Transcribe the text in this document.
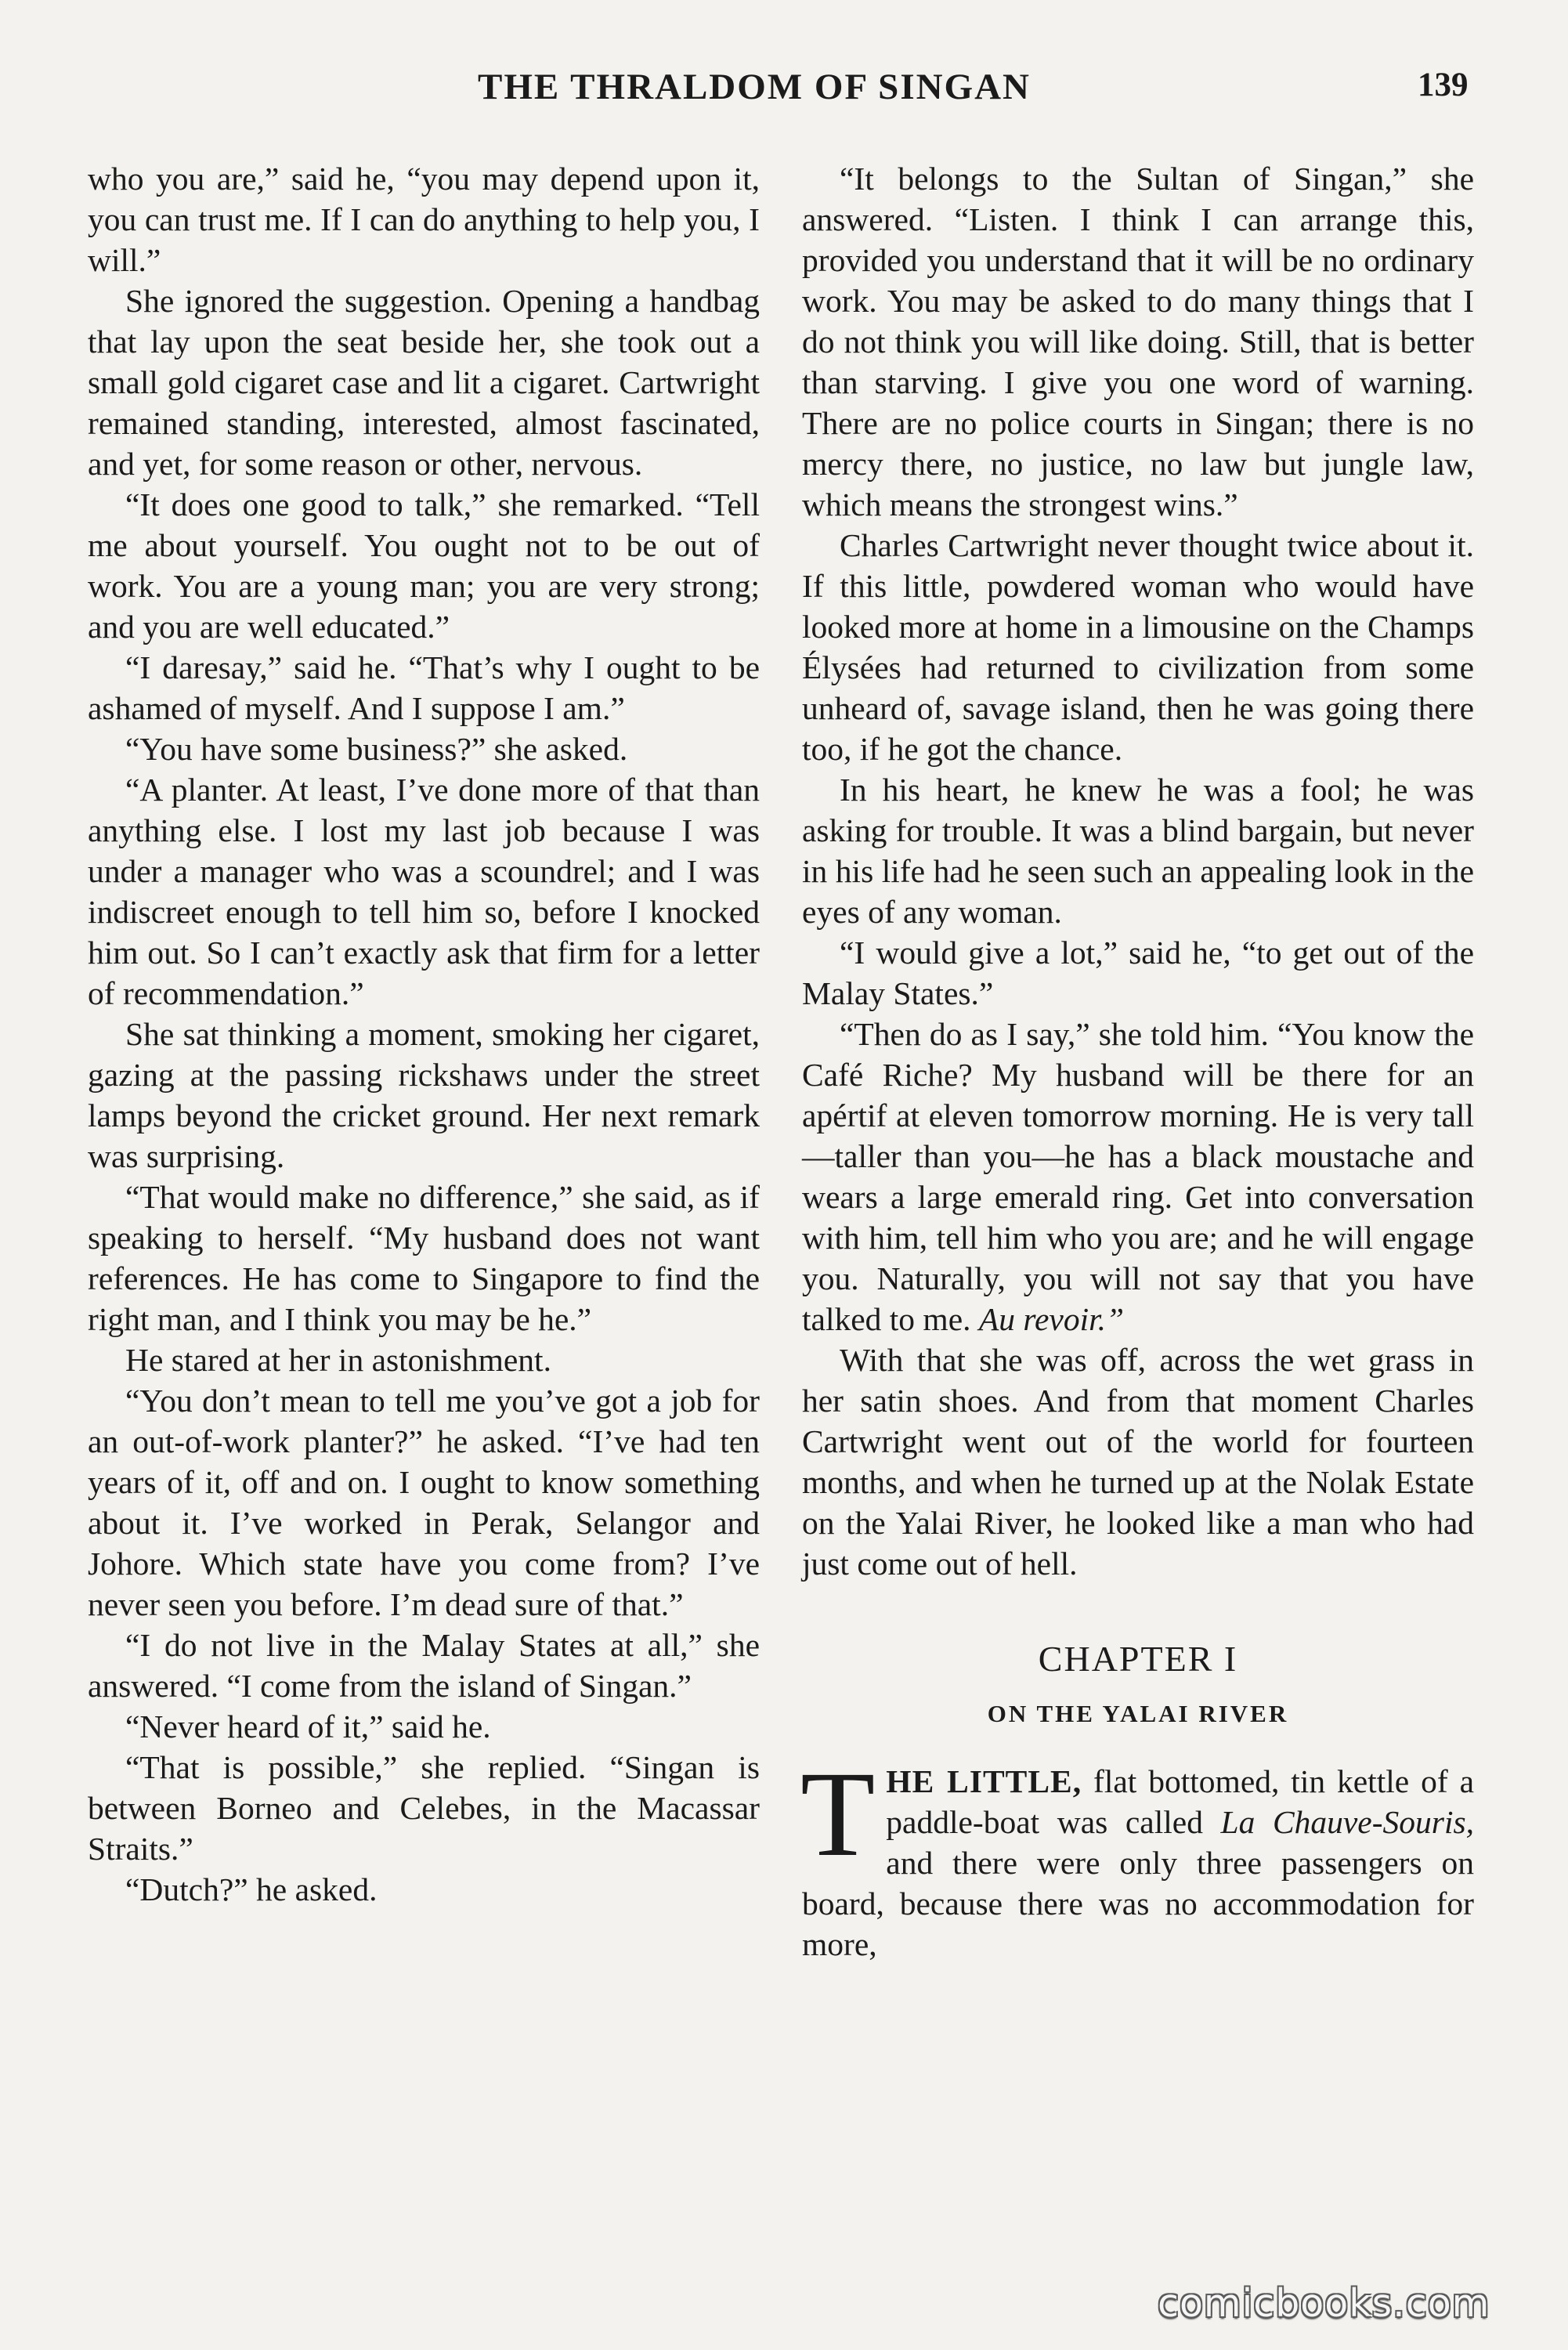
THE THRALDOM OF SINGAN	139

who you are,” said he, “you may depend upon it, you can trust me. If I can do anything to help you, I will.”

She ignored the suggestion. Opening a handbag that lay upon the seat beside her, she took out a small gold cigaret case and lit a cigaret. Cartwright remained standing, interested, almost fascinated, and yet, for some reason or other, nervous.

“It does one good to talk,” she remarked. “Tell me about yourself. You ought not to be out of work. You are a young man; you are very strong; and you are well educated.”

“I daresay,” said he. “That’s why I ought to be ashamed of myself. And I suppose I am.”

“You have some business?” she asked.

“A planter. At least, I’ve done more of that than anything else. I lost my last job because I was under a manager who was a scoundrel; and I was indiscreet enough to tell him so, before I knocked him out. So I can’t exactly ask that firm for a letter of recommendation.”

She sat thinking a moment, smoking her cigaret, gazing at the passing rickshaws under the street lamps beyond the cricket ground. Her next remark was surprising.

“That would make no difference,” she said, as if speaking to herself. “My husband does not want references. He has come to Singapore to find the right man, and I think you may be he.”

He stared at her in astonishment.

“You don’t mean to tell me you’ve got a job for an out-of-work planter?” he asked. “I’ve had ten years of it, off and on. I ought to know something about it. I’ve worked in Perak, Selangor and Johore. Which state have you come from? I’ve never seen you before. I’m dead sure of that.”

“I do not live in the Malay States at all,” she answered. “I come from the island of Singan.”

“Never heard of it,” said he.

“That is possible,” she replied. “Singan is between Borneo and Celebes, in the Macassar Straits.”

“Dutch?” he asked.

“It belongs to the Sultan of Singan,” she answered. “Listen. I think I can arrange this, provided you understand that it will be no ordinary work. You may be asked to do many things that I do not think you will like doing. Still, that is better than starving. I give you one word of warning. There are no police courts in Singan; there is no mercy there, no justice, no law but jungle law, which means the strongest wins.”

Charles Cartwright never thought twice about it. If this little, powdered woman who would have looked more at home in a limousine on the Champs Élysées had returned to civilization from some unheard of, savage island, then he was going there too, if he got the chance.

In his heart, he knew he was a fool; he was asking for trouble. It was a blind bargain, but never in his life had he seen such an appealing look in the eyes of any woman.

“I would give a lot,” said he, “to get out of the Malay States.”

“Then do as I say,” she told him. “You know the Café Riche? My husband will be there for an apértif at eleven tomorrow morning. He is very tall—taller than you—he has a black moustache and wears a large emerald ring. Get into conversation with him, tell him who you are; and he will engage you. Naturally, you will not say that you have talked to me. Au revoir.”

With that she was off, across the wet grass in her satin shoes. And from that moment Charles Cartwright went out of the world for fourteen months, and when he turned up at the Nolak Estate on the Yalai River, he looked like a man who had just come out of hell.

CHAPTER I

ON THE YALAI RIVER

THE LITTLE, flat bottomed, tin kettle of a paddle-boat was called La Chauve-Souris, and there were only three passengers on board, because there was no accommodation for more,

comicbooks.com
